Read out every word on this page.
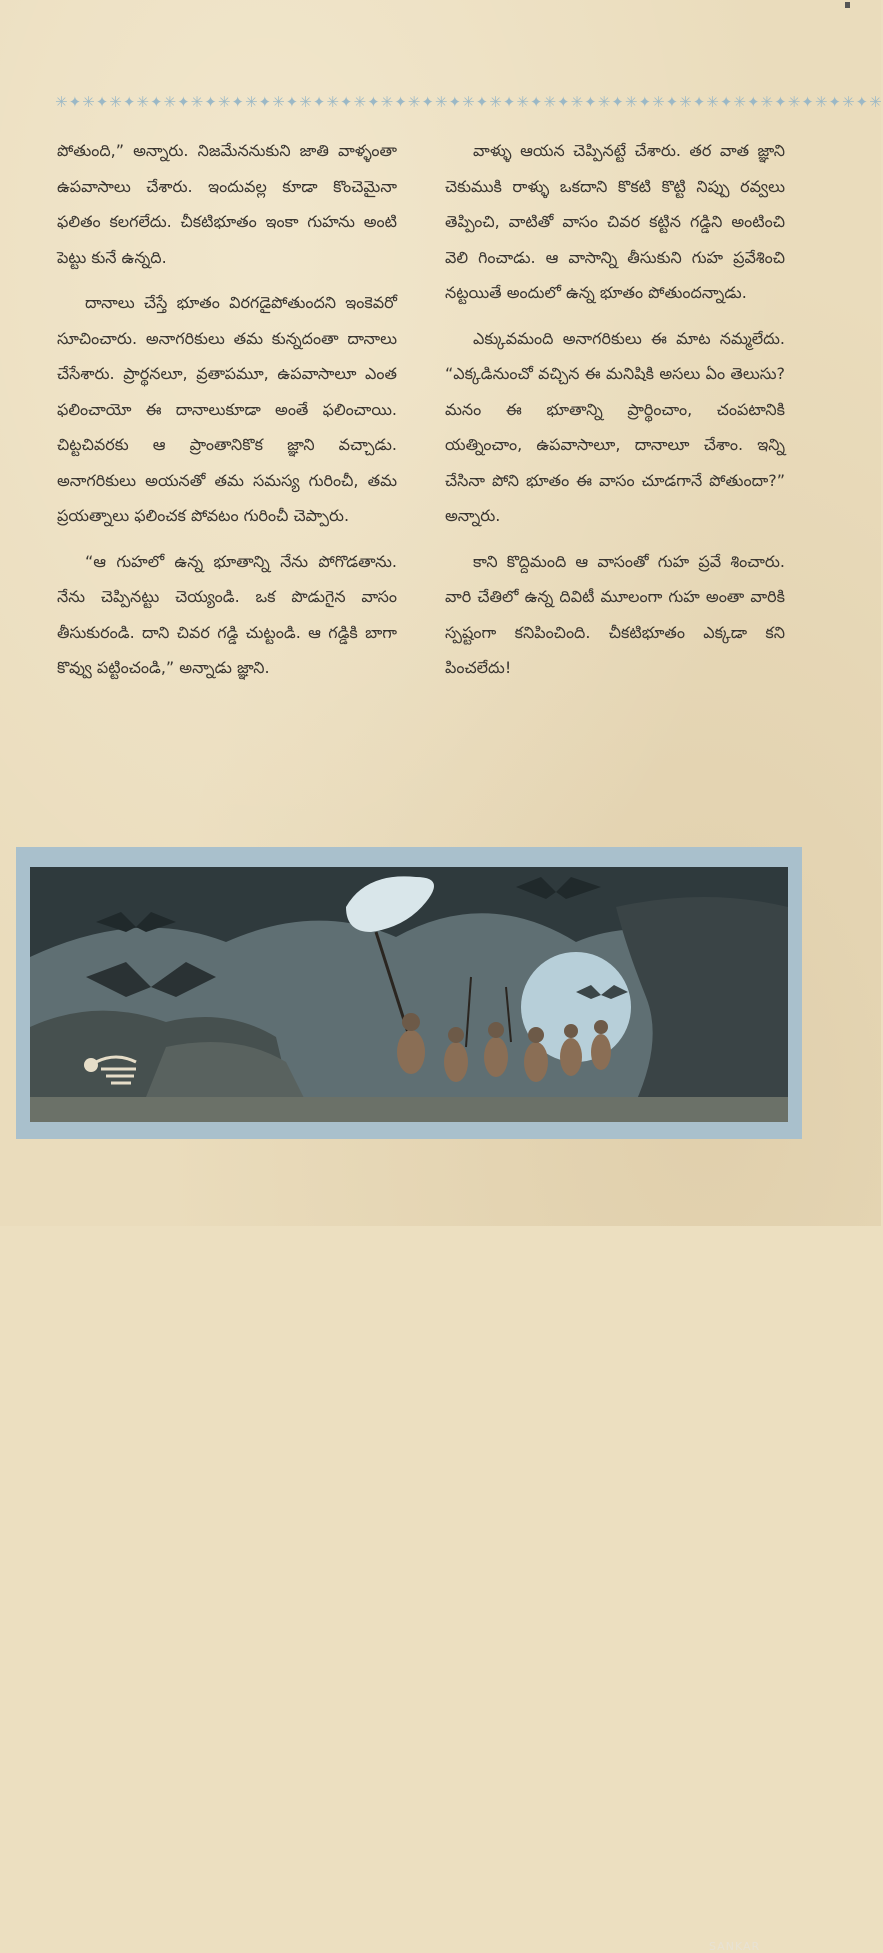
✳✦✳✦✳✦✳✦✳✦✳✦✳✦✳✦✳✦✳✦✳✦✳✦✳✦✳✦✳✦✳✦✳✦✳✦✳✦✳✦✳✦✳✦✳✦✳✦✳✦✳✦✳✦✳✦✳✦✳✦✳

పోతుంది,” అన్నారు. నిజమేననుకుని జాతి వాళ్ళంతా ఉపవాసాలు చేశారు. ఇందువల్ల కూడా కొంచెమైనా ఫలితం కలగలేదు. చీకటిభూతం ఇంకా గుహను అంటి పెట్టు కునే ఉన్నది.

దానాలు చేస్తే భూతం విరగడైపోతుందని ఇంకెవరో సూచించారు. అనాగరికులు తమ కున్నదంతా దానాలు చేసేశారు. ప్రార్థనలూ, వ్రతాపమూ, ఉపవాసాలూ ఎంత ఫలించాయో ఈ దానాలుకూడా అంతే ఫలించాయి. చిట్టచివరకు ఆ ప్రాంతానికొక జ్ఞాని వచ్చాడు. అనాగరికులు అయనతో తమ సమస్య గురించీ, తమ ప్రయత్నాలు ఫలించక పోవటం గురించీ చెప్పారు.

“ఆ గుహలో ఉన్న భూతాన్ని నేను పోగొడతాను. నేను చెప్పినట్టు చెయ్యండి. ఒక పొడుగైన వాసం తీసుకురండి. దాని చివర గడ్డి చుట్టండి. ఆ గడ్డికి బాగా కొవ్వు పట్టించండి,” అన్నాడు జ్ఞాని.

వాళ్ళు ఆయన చెప్పినట్టే చేశారు. తర వాత జ్ఞాని చెకుముకి రాళ్ళు ఒకదాని కొకటి కొట్టి నిప్పు రవ్వలు తెప్పించి, వాటితో వాసం చివర కట్టిన గడ్డిని అంటించి వెలి గించాడు. ఆ వాసాన్ని తీసుకుని గుహ ప్రవేశించి నట్టయితే అందులో ఉన్న భూతం పోతుందన్నాడు.

ఎక్కువమంది అనాగరికులు ఈ మాట నమ్మలేదు. “ఎక్కడినుంచో వచ్చిన ఈ మనిషికి అసలు ఏం తెలుసు? మనం ఈ భూతాన్ని ప్రార్థించాం, చంపటానికి యత్నించాం, ఉపవాసాలూ, దానాలూ చేశాం. ఇన్ని చేసినా పోని భూతం ఈ వాసం చూడగానే పోతుందా?” అన్నారు.

కాని కొద్దిమంది ఆ వాసంతో గుహ ప్రవే శించారు. వారి చేతిలో ఉన్న దివిటీ మూలంగా గుహ అంతా వారికి స్పష్టంగా కనిపించింది. చీకటిభూతం ఎక్కడా కని పించలేదు!

SANKAR
